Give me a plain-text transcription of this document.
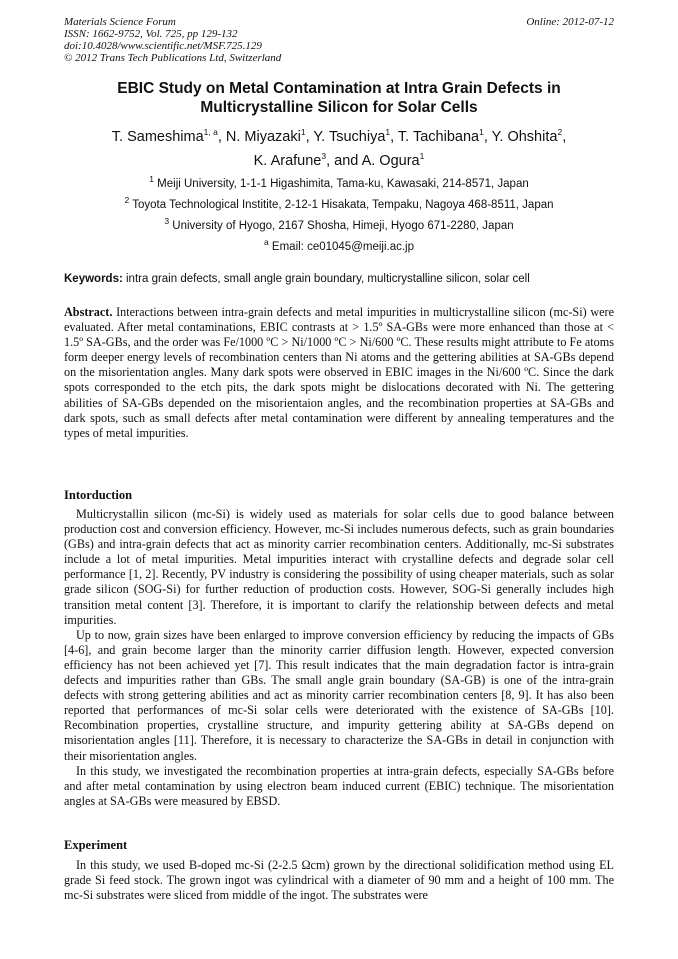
Materials Science Forum
ISSN: 1662-9752, Vol. 725, pp 129-132
doi:10.4028/www.scientific.net/MSF.725.129
© 2012 Trans Tech Publications Ltd, Switzerland
Online: 2012-07-12
EBIC Study on Metal Contamination at Intra Grain Defects in
Multicrystalline Silicon for Solar Cells
T. Sameshima$^{1, a}$, N. Miyazaki$^1$, Y. Tsuchiya$^1$, T. Tachibana$^1$, Y. Ohshita$^2$,
K. Arafune$^3$, and A. Ogura$^1$
$^1$ Meiji University, 1-1-1 Higashimita, Tama-ku, Kawasaki, 214-8571, Japan
$^2$ Toyota Technological Institite, 2-12-1 Hisakata, Tempaku, Nagoya 468-8511, Japan
$^3$ University of Hyogo, 2167 Shosha, Himeji, Hyogo 671-2280, Japan
$^a$ Email: ce01045@meiji.ac.jp
Keywords: intra grain defects, small angle grain boundary, multicrystalline silicon, solar cell

Abstract. Interactions between intra-grain defects and metal impurities in multicrystalline silicon (mc-Si) were evaluated. After metal contaminations, EBIC contrasts at > 1.5º SA-GBs were more enhanced than those at < 1.5º SA-GBs, and the order was Fe/1000 ºC > Ni/1000 ºC > Ni/600 ºC. These results might attribute to Fe atoms form deeper energy levels of recombination centers than Ni atoms and the gettering abilities at SA-GBs depend on the misorientation angles. Many dark spots were observed in EBIC images in the Ni/600 ºC. Since the dark spots corresponded to the etch pits, the dark spots might be dislocations decorated with Ni. The gettering abilities of SA-GBs depended on the misorientaion angles, and the recombination properties at SA-GBs and dark spots, such as small defects after metal contamination were different by annealing temperatures and the types of metal impurities.

Intorduction

Multicrystallin silicon (mc-Si) is widely used as materials for solar cells due to good balance between production cost and conversion efficiency. However, mc-Si includes numerous defects, such as grain boundaries (GBs) and intra-grain defects that act as minority carrier recombination centers. Additionally, mc-Si substrates include a lot of metal impurities. Metal impurities interact with crystalline defects and degrade solar cell performance [1, 2]. Recently, PV industry is considering the possibility of using cheaper materials, such as solar grade silicon (SOG-Si) for further reduction of production costs. However, SOG-Si generally includes high transition metal content [3]. Therefore, it is important to clarify the relationship between defects and metal impurities.

Up to now, grain sizes have been enlarged to improve conversion efficiency by reducing the impacts of GBs [4-6], and grain become larger than the minority carrier diffusion length. However, expected conversion efficiency has not been achieved yet [7]. This result indicates that the main degradation factor is intra-grain defects and impurities rather than GBs. The small angle grain boundary (SA-GB) is one of the intra-grain defects with strong gettering abilities and act as minority carrier recombination centers [8, 9]. It has also been reported that performances of mc-Si solar cells were deteriorated with the existence of SA-GBs [10]. Recombination properties, crystalline structure, and impurity gettering ability at SA-GBs depend on misorientation angles [11]. Therefore, it is necessary to characterize the SA-GBs in detail in conjunction with their misorientation angles.

In this study, we investigated the recombination properties at intra-grain defects, especially SA-GBs before and after metal contamination by using electron beam induced current (EBIC) technique. The misorientation angles at SA-GBs were measured by EBSD.

Experiment

In this study, we used B-doped mc-Si (2-2.5 Ωcm) grown by the directional solidification method using EL grade Si feed stock. The grown ingot was cylindrical with a diameter of 90 mm and a height of 100 mm. The mc-Si substrates were sliced from middle of the ingot. The substrates were
